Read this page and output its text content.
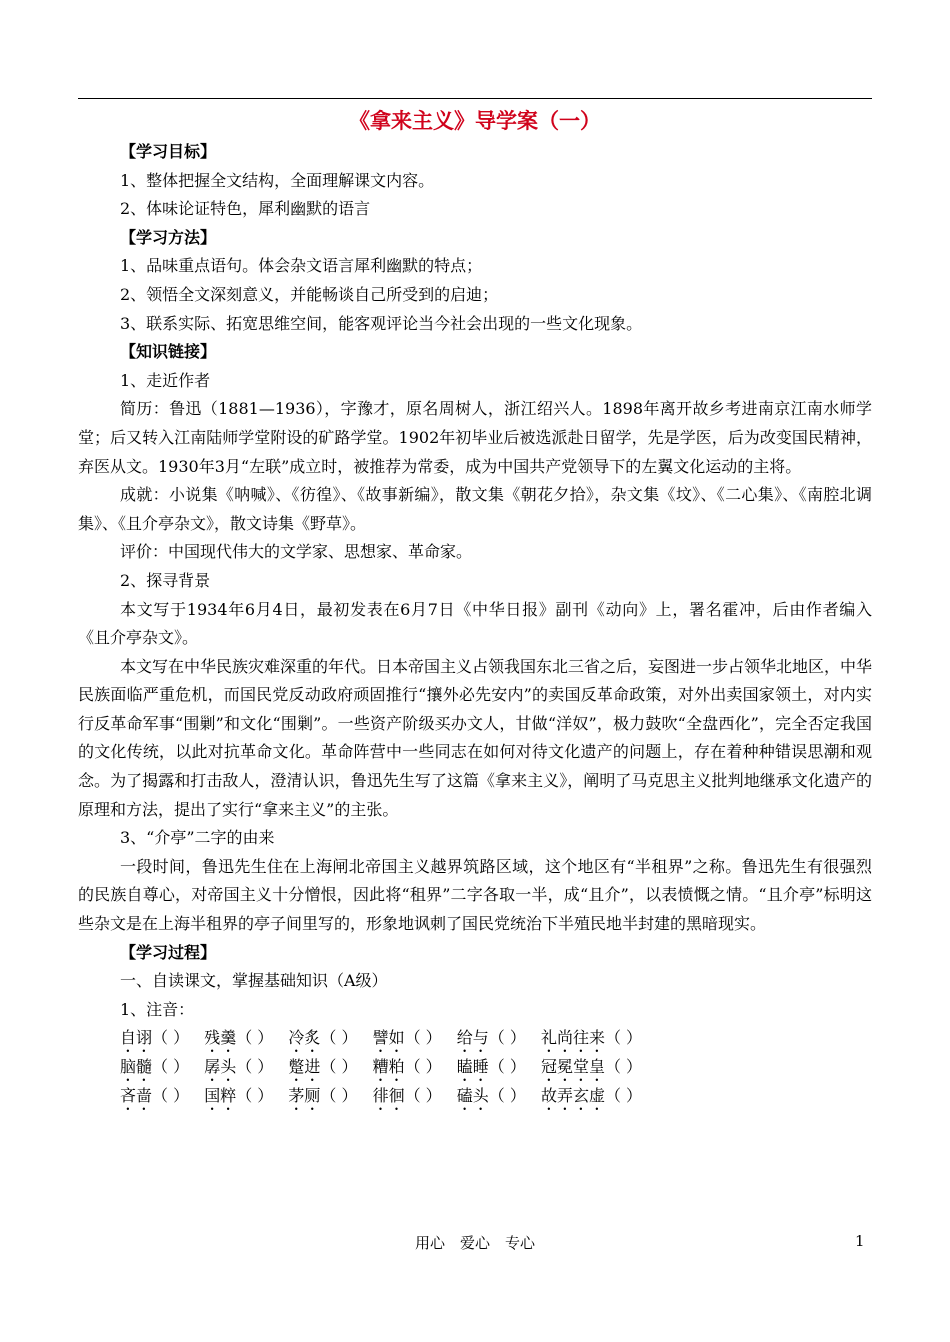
《拿来主义》导学案（一）
【学习目标】
1、整体把握全文结构，全面理解课文内容。
2、体味论证特色，犀利幽默的语言
【学习方法】
1、品味重点语句。体会杂文语言犀利幽默的特点；
2、领悟全文深刻意义，并能畅谈自己所受到的启迪；
3、联系实际、拓宽思维空间，能客观评论当今社会出现的一些文化现象。
【知识链接】
1、走近作者

简历：鲁迅（1881—1936），字豫才，原名周树人，浙江绍兴人。1898年离开故乡考进南京江南水师学堂；后又转入江南陆师学堂附设的矿路学堂。1902年初毕业后被选派赴日留学，先是学医，后为改变国民精神，弃医从文。1930年3月“左联”成立时，被推荐为常委，成为中国共产党领导下的左翼文化运动的主将。

成就：小说集《呐喊》、《彷徨》、《故事新编》，散文集《朝花夕拾》，杂文集《坟》、《二心集》、《南腔北调集》、《且介亭杂文》，散文诗集《野草》。

评价：中国现代伟大的文学家、思想家、革命家。

2、探寻背景

本文写于1934年6月4日，最初发表在6月7日《中华日报》副刊《动向》上，署名霍冲，后由作者编入《且介亭杂文》。

本文写在中华民族灾难深重的年代。日本帝国主义占领我国东北三省之后，妄图进一步占领华北地区，中华民族面临严重危机，而国民党反动政府顽固推行“攘外必先安内”的卖国反革命政策，对外出卖国家领土，对内实行反革命军事“围剿”和文化“围剿”。一些资产阶级买办文人，甘做“洋奴”，极力鼓吹“全盘西化”，完全否定我国的文化传统，以此对抗革命文化。革命阵营中一些同志在如何对待文化遗产的问题上，存在着种种错误思潮和观念。为了揭露和打击敌人，澄清认识，鲁迅先生写了这篇《拿来主义》，阐明了马克思主义批判地继承文化遗产的原理和方法，提出了实行“拿来主义”的主张。

3、“介亭”二字的由来

一段时间，鲁迅先生住在上海闸北帝国主义越界筑路区域，这个地区有“半租界”之称。鲁迅先生有很强烈的民族自尊心，对帝国主义十分憎恨，因此将“租界”二字各取一半，成“且介”，以表愤慨之情。“且介亭”标明这些杂文是在上海半租界的亭子间里写的，形象地讽刺了国民党统治下半殖民地半封建的黑暗现实。

【学习过程】
一、自读课文，掌握基础知识（A级）
1、注音：
自诩（ ） 残羹（ ） 冷炙（ ） 譬如（ ） 给与（ ） 礼尚往来（ ）
脑髓（ ） 孱头（ ） 蹩进（ ） 糟粕（ ） 瞌睡（ ） 冠冕堂皇（ ）
吝啬（ ） 国粹（ ） 茅厕（ ） 徘徊（ ） 磕头（ ） 故弄玄虚（ ）
用心　爱心　专心	1
